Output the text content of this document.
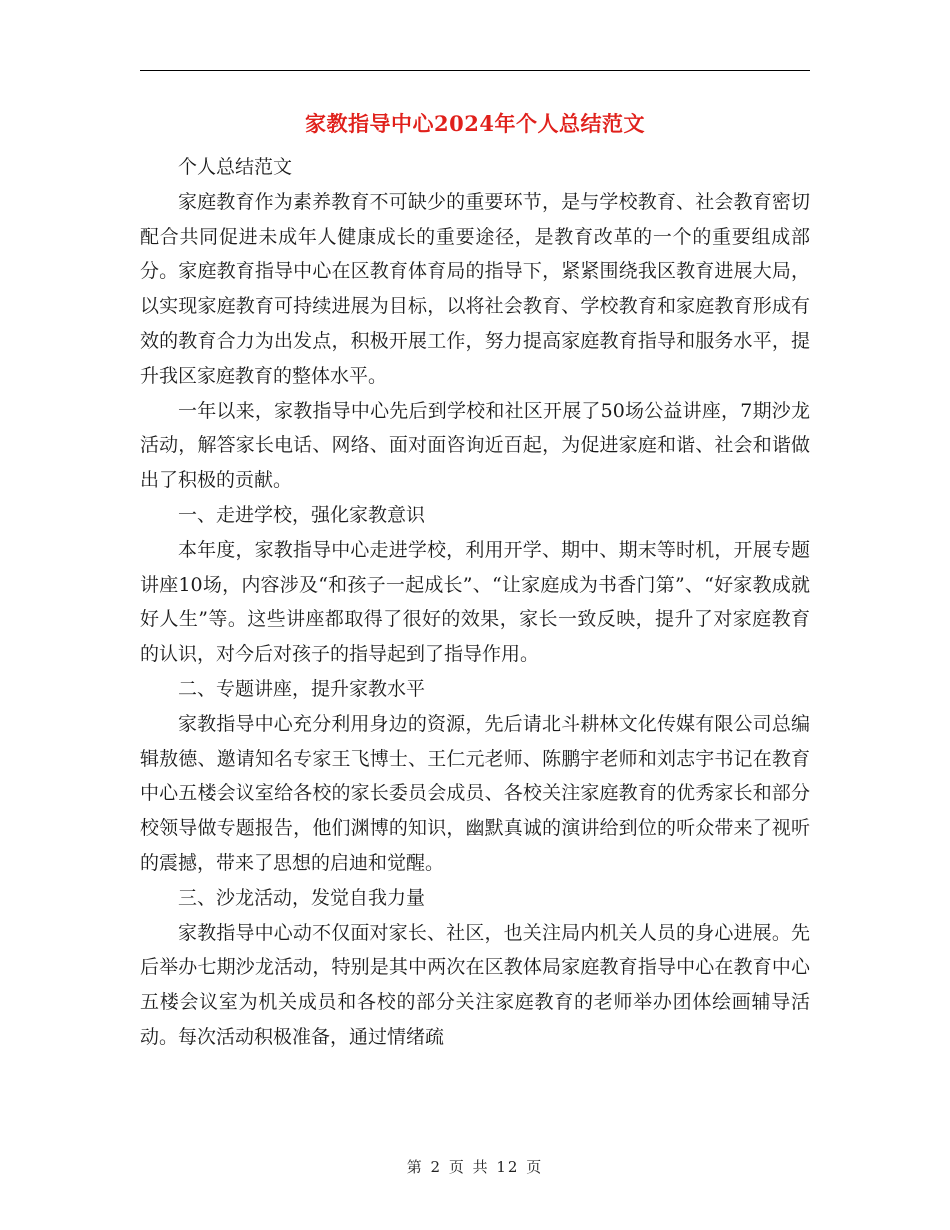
家教指导中心2024年个人总结范文

个人总结范文

家庭教育作为素养教育不可缺少的重要环节，是与学校教育、社会教育密切配合共同促进未成年人健康成长的重要途径，是教育改革的一个的重要组成部分。家庭教育指导中心在区教育体育局的指导下，紧紧围绕我区教育进展大局，以实现家庭教育可持续进展为目标，以将社会教育、学校教育和家庭教育形成有效的教育合力为出发点，积极开展工作，努力提高家庭教育指导和服务水平，提升我区家庭教育的整体水平。

一年以来，家教指导中心先后到学校和社区开展了50场公益讲座，7期沙龙活动，解答家长电话、网络、面对面咨询近百起，为促进家庭和谐、社会和谐做出了积极的贡献。

一、走进学校，强化家教意识

本年度，家教指导中心走进学校，利用开学、期中、期末等时机，开展专题讲座10场，内容涉及“和孩子一起成长”、“让家庭成为书香门第”、“好家教成就好人生”等。这些讲座都取得了很好的效果，家长一致反映，提升了对家庭教育的认识，对今后对孩子的指导起到了指导作用。

二、专题讲座，提升家教水平

家教指导中心充分利用身边的资源，先后请北斗耕林文化传媒有限公司总编辑敖德、邀请知名专家王飞博士、王仁元老师、陈鹏宇老师和刘志宇书记在教育中心五楼会议室给各校的家长委员会成员、各校关注家庭教育的优秀家长和部分校领导做专题报告，他们渊博的知识，幽默真诚的演讲给到位的听众带来了视听的震撼，带来了思想的启迪和觉醒。

三、沙龙活动，发觉自我力量

家教指导中心动不仅面对家长、社区，也关注局内机关人员的身心进展。先后举办七期沙龙活动，特别是其中两次在区教体局家庭教育指导中心在教育中心五楼会议室为机关成员和各校的部分关注家庭教育的老师举办团体绘画辅导活动。每次活动积极准备，通过情绪疏

第 2 页 共 12 页
